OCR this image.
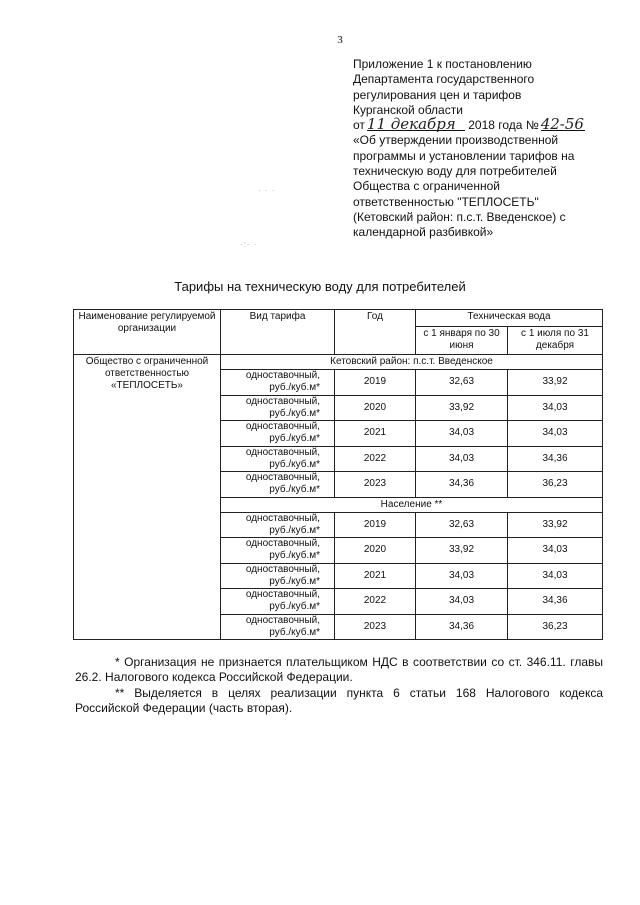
3
Приложение 1 к постановлению
Департамента государственного
регулирования цен и тарифов
Курганской области
от 11 декабря 2018 года № 42-56
«Об утверждении производственной
программы и установлении тарифов на
техническую воду для потребителей
Общества с ограниченной
ответственностью "ТЕПЛОСЕТЬ"
(Кетовский район: п.с.т. Введенское) с
календарной разбивкой»
· · ·
·:· ·
Тарифы на техническую воду для потребителей
Наименование регулируемой организации	Вид тарифа	Год	Техническая вода	
			с 1 января по 30 июня	с 1 июля по 31 декабря
Общество с ограниченной ответственностью «ТЕПЛОСЕТЬ»	Кетовский район: п.с.т. Введенское			
	одноставочный, руб./куб.м*	2019	32,63	33,92
	одноставочный, руб./куб.м*	2020	33,92	34,03
	одноставочный, руб./куб.м*	2021	34,03	34,03
	одноставочный, руб./куб.м*	2022	34,03	34,36
	одноставочный, руб./куб.м*	2023	34,36	36,23
	Население **			
	одноставочный, руб./куб.м*	2019	32,63	33,92
	одноставочный, руб./куб.м*	2020	33,92	34,03
	одноставочный, руб./куб.м*	2021	34,03	34,03
	одноставочный, руб./куб.м*	2022	34,03	34,36
	одноставочный, руб./куб.м*	2023	34,36	36,23

* Организация не признается плательщиком НДС в соответствии со ст. 346.11. главы 26.2. Налогового кодекса Российской Федерации.

** Выделяется в целях реализации пункта 6 статьи 168 Налогового кодекса Российской Федерации (часть вторая).
